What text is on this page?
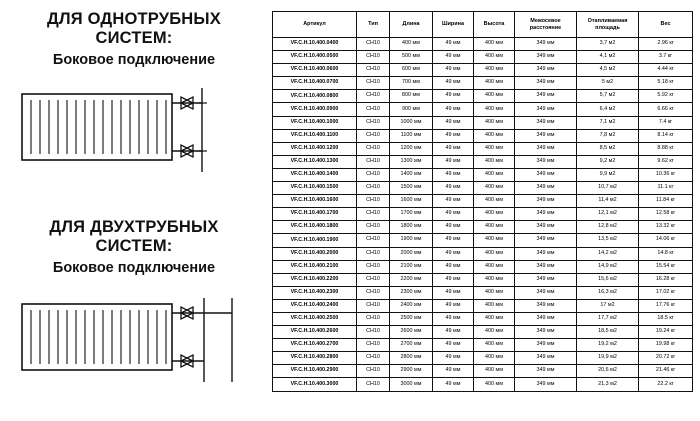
ДЛЯ ОДНОТРУБНЫХ
СИСТЕМ:
Боковое подключение
ДЛЯ ДВУХТРУБНЫХ
СИСТЕМ:
Боковое подключение
Артикул	Тип	Длина	Ширина	Высота	Межосевое расстояние	Отапливаемая площадь	Вес
VF.C.H.10.400.0400	CH10	400 мм	49 мм	400 мм	349 мм	3,7 м2	2.96 кг
VF.C.H.10.400.0500	CH10	500 мм	49 мм	400 мм	349 мм	4,1 м2	3.7 кг
VF.C.H.10.400.0600	CH10	600 мм	49 мм	400 мм	349 мм	4,5 м2	4.44 кг
VF.C.H.10.400.0700	CH10	700 мм	49 мм	400 мм	349 мм	5 м2	5.18 кг
VF.C.H.10.400.0800	CH10	800 мм	49 мм	400 мм	349 мм	5,7 м2	5.92 кг
VF.C.H.10.400.0900	CH10	900 мм	49 мм	400 мм	349 мм	6,4 м2	6.66 кг
VF.C.H.10.400.1000	CH10	1000 мм	49 мм	400 мм	349 мм	7,1 м2	7.4 кг
VF.C.H.10.400.1100	CH10	1100 мм	49 мм	400 мм	349 мм	7,8 м2	8.14 кг
VF.C.H.10.400.1200	CH10	1200 мм	49 мм	400 мм	349 мм	8,5 м2	8.88 кг
VF.C.H.10.400.1300	CH10	1300 мм	49 мм	400 мм	349 мм	9,2 м2	9.62 кг
VF.C.H.10.400.1400	CH10	1400 мм	49 мм	400 мм	349 мм	9,9 м2	10.36 кг
VF.C.H.10.400.1500	CH10	1500 мм	49 мм	400 мм	349 мм	10,7 м2	11.1 кг
VF.C.H.10.400.1600	CH10	1600 мм	49 мм	400 мм	349 мм	11,4 м2	11.84 кг
VF.C.H.10.400.1700	CH10	1700 мм	49 мм	400 мм	349 мм	12,1 м2	12.58 кг
VF.C.H.10.400.1800	CH10	1800 мм	49 мм	400 мм	349 мм	12,8 м2	13.32 кг
VF.C.H.10.400.1900	CH10	1900 мм	49 мм	400 мм	349 мм	13,5 м2	14.06 кг
VF.C.H.10.400.2000	CH10	2000 мм	49 мм	400 мм	349 мм	14,2 м2	14.8 кг
VF.C.H.10.400.2100	CH10	2100 мм	49 мм	400 мм	349 мм	14,9 м2	15.54 кг
VF.C.H.10.400.2200	CH10	2200 мм	49 мм	400 мм	349 мм	15,6 м2	16.28 кг
VF.C.H.10.400.2300	CH10	2300 мм	49 мм	400 мм	349 мм	16,3 м2	17.02 кг
VF.C.H.10.400.2400	CH10	2400 мм	49 мм	400 мм	349 мм	17 м2	17.76 кг
VF.C.H.10.400.2500	CH10	2500 мм	49 мм	400 мм	349 мм	17,7 м2	18.5 кг
VF.C.H.10.400.2600	CH10	2600 мм	49 мм	400 мм	349 мм	18,5 м2	19.24 кг
VF.C.H.10.400.2700	CH10	2700 мм	49 мм	400 мм	349 мм	19,2 м2	19.98 кг
VF.C.H.10.400.2800	CH10	2800 мм	49 мм	400 мм	349 мм	19,9 м2	20.72 кг
VF.C.H.10.400.2900	CH10	2900 мм	49 мм	400 мм	349 мм	20,6 м2	21.46 кг
VF.C.H.10.400.3000	CH10	3000 мм	49 мм	400 мм	349 мм	21,3 м2	22.2 кг
